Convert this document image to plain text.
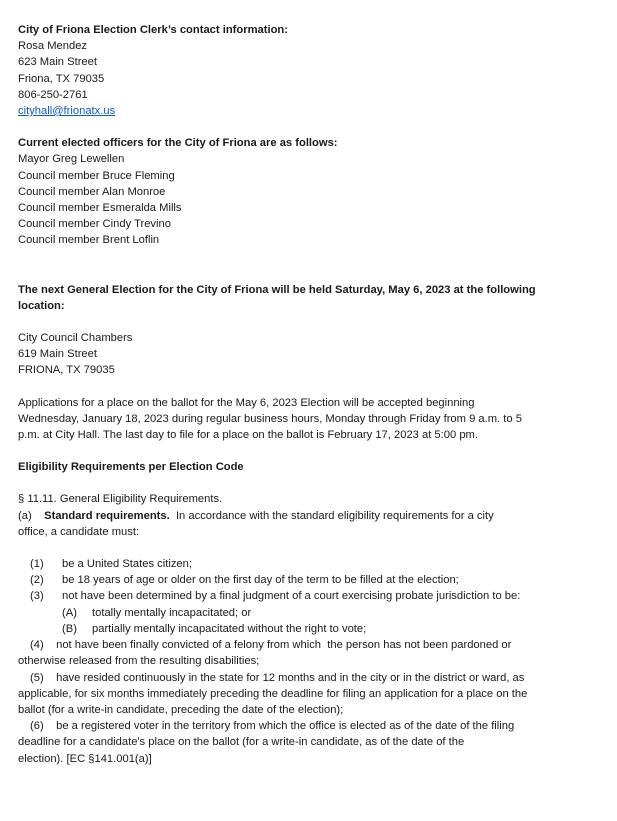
City of Friona Election Clerk’s contact information:
Rosa Mendez
623 Main Street
Friona, TX 79035
806-250-2761
cityhall@frionatx.us
Current elected officers for the City of Friona are as follows:
Mayor Greg Lewellen
Council member Bruce Fleming
Council member Alan Monroe
Council member Esmeralda Mills
Council member Cindy Trevino
Council member Brent Loflin
The next General Election for the City of Friona will be held Saturday, May 6, 2023 at the following
location:
City Council Chambers
619 Main Street
FRIONA, TX 79035
Applications for a place on the ballot for the May 6, 2023 Election will be accepted beginning
Wednesday, January 18, 2023 during regular business hours, Monday through Friday from 9 a.m. to 5
p.m. at City Hall. The last day to file for a place on the ballot is February 17, 2023 at 5:00 pm.
Eligibility Requirements per Election Code
§ 11.11. General Eligibility Requirements.
(a) Standard requirements. In accordance with the standard eligibility requirements for a city
office, a candidate must:
(1) be a United States citizen;
(2) be 18 years of age or older on the first day of the term to be filled at the election;
(3) not have been determined by a final judgment of a court exercising probate jurisdiction to be:
(A) totally mentally incapacitated; or
(B) partially mentally incapacitated without the right to vote;
(4)    not have been finally convicted of a felony from which  the person has not been pardoned or
otherwise released from the resulting disabilities;
(5)    have resided continuously in the state for 12 months and in the city or in the district or ward, as
applicable, for six months immediately preceding the deadline for filing an application for a place on the
ballot (for a write-in candidate, preceding the date of the election);
(6)    be a registered voter in the territory from which the office is elected as of the date of the filing
deadline for a candidate's place on the ballot (for a write-in candidate, as of the date of the
election). [EC §141.001(a)]
